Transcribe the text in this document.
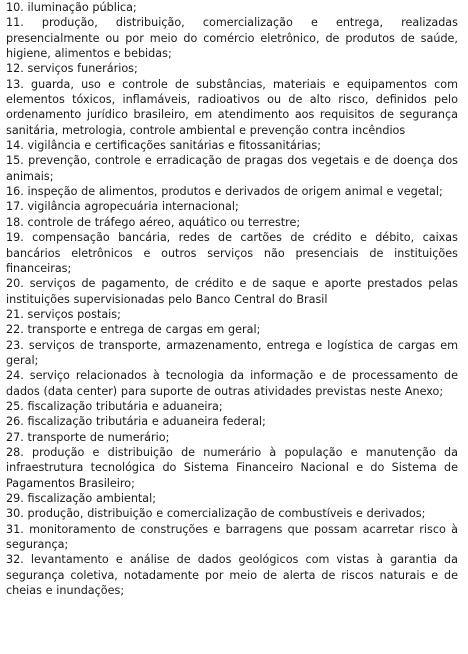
10. iluminação pública;

11. produção, distribuição, comercialização e entrega, realizadas presencialmente ou por meio do comércio eletrônico, de produtos de saúde, higiene, alimentos e bebidas;

12. serviços funerários;

13. guarda, uso e controle de substâncias, materiais e equipamentos com elementos tóxicos, inflamáveis, radioativos ou de alto risco, definidos pelo ordenamento jurídico brasileiro, em atendimento aos requisitos de segurança sanitária, metrologia, controle ambiental e prevenção contra incêndios

14. vigilância e certificações sanitárias e fitossanitárias;

15. prevenção, controle e erradicação de pragas dos vegetais e de doença dos animais;

16. inspeção de alimentos, produtos e derivados de origem animal e vegetal;

17. vigilância agropecuária internacional;

18. controle de tráfego aéreo, aquático ou terrestre;

19. compensação bancária, redes de cartões de crédito e débito, caixas bancários eletrônicos e outros serviços não presenciais de instituições financeiras;

20. serviços de pagamento, de crédito e de saque e aporte prestados pelas instituições supervisionadas pelo Banco Central do Brasil

21. serviços postais;

22. transporte e entrega de cargas em geral;

23. serviços de transporte, armazenamento, entrega e logística de cargas em geral;

24. serviço relacionados à tecnologia da informação e de processamento de dados (data center) para suporte de outras atividades previstas neste Anexo;

25. fiscalização tributária e aduaneira;

26. fiscalização tributária e aduaneira federal;

27. transporte de numerário;

28. produção e distribuição de numerário à população e manutenção da infraestrutura tecnológica do Sistema Financeiro Nacional e do Sistema de Pagamentos Brasileiro;

29. fiscalização ambiental;

30. produção, distribuição e comercialização de combustíveis e derivados;

31. monitoramento de construções e barragens que possam acarretar risco à segurança;

32. levantamento e análise de dados geológicos com vistas à garantia da segurança coletiva, notadamente por meio de alerta de riscos naturais e de cheias e inundações;
